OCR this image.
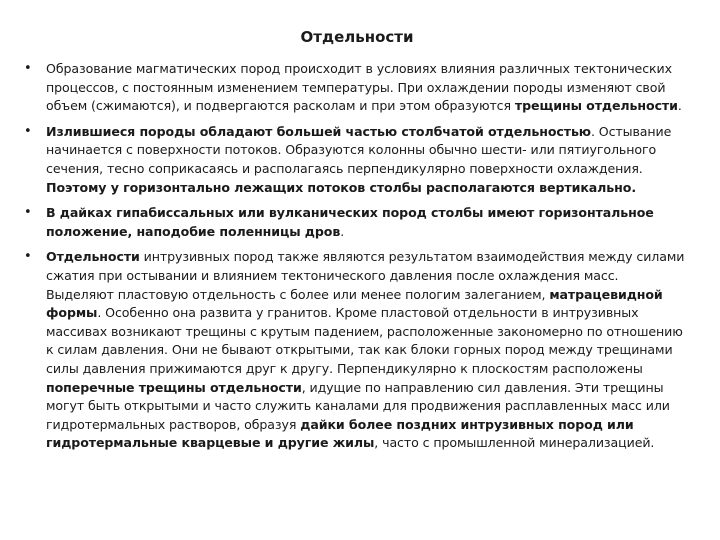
Отдельности
• Образование магматических пород происходит в условиях влияния различных тектонических процессов, с постоянным изменением температуры. При охлаждении породы изменяют свой объем (сжимаются), и подвергаются расколам и при этом образуются трещины отдельности.
• Излившиеся породы обладают большей частью столбчатой отдельностью. Остывание начинается с поверхности потоков. Образуются колонны обычно шести- или пятиугольного сечения, тесно соприкасаясь и располагаясь перпендикулярно поверхности охлаждения. Поэтому у горизонтально лежащих потоков столбы располагаются вертикально.
• В дайках гипабиссальных или вулканических пород столбы имеют горизонтальное положение, наподобие поленницы дров.
• Отдельности интрузивных пород также являются результатом взаимодействия между силами сжатия при остывании и влиянием тектонического давления после охлаждения масс. Выделяют пластовую отдельность с более или менее пологим залеганием, матрацевидной формы. Особенно она развита у гранитов. Кроме пластовой отдельности в интрузивных массивах возникают трещины с крутым падением, расположенные закономерно по отношению к силам давления. Они не бывают открытыми, так как блоки горных пород между трещинами силы давления прижимаются друг к другу. Перпендикулярно к плоскостям расположены поперечные трещины отдельности, идущие по направлению сил давления. Эти трещины могут быть открытыми и часто служить каналами для продвижения расплавленных масс или гидротермальных растворов, образуя дайки более поздних интрузивных пород или гидротермальные кварцевые и другие жилы, часто с промышленной минерализацией.
